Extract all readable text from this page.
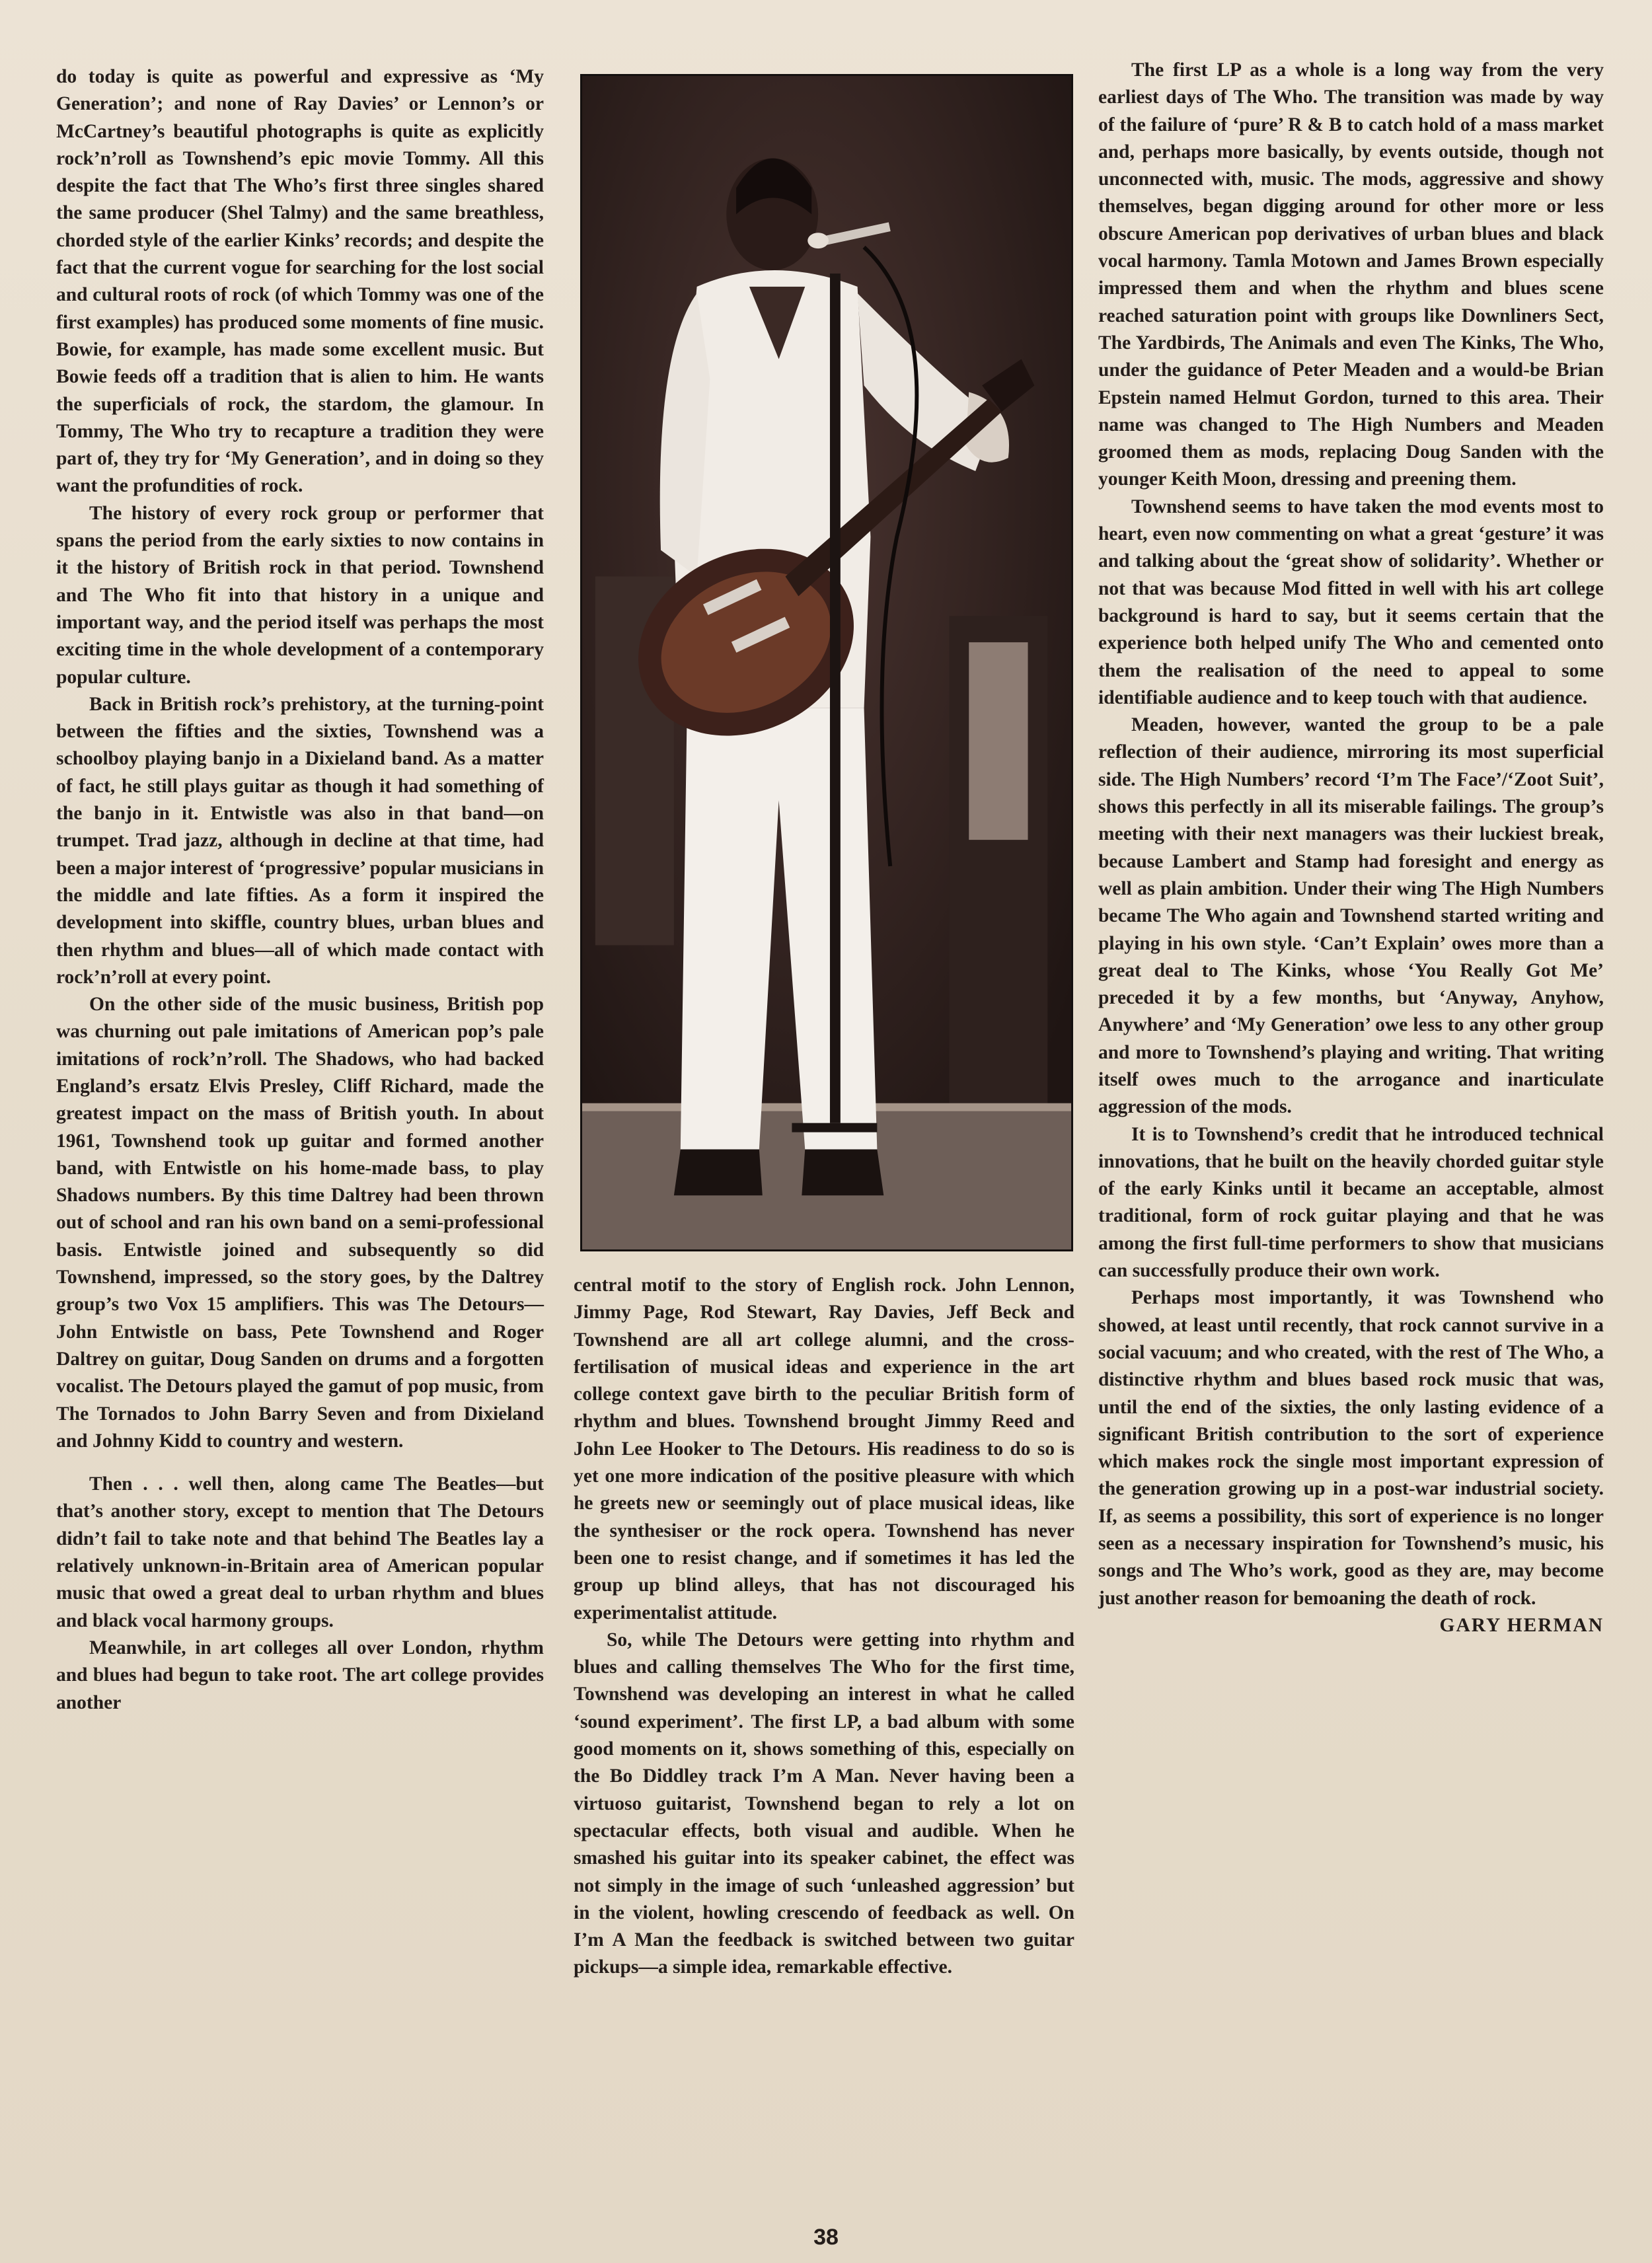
do today is quite as powerful and expressive as ‘My Generation’; and none of Ray Davies’ or Lennon’s or McCartney’s beautiful photographs is quite as explicitly rock’n’roll as Townshend’s epic movie Tommy. All this despite the fact that The Who’s first three singles shared the same producer (Shel Talmy) and the same breathless, chorded style of the earlier Kinks’ records; and despite the fact that the current vogue for searching for the lost social and cultural roots of rock (of which Tommy was one of the first examples) has produced some moments of fine music. Bowie, for example, has made some excellent music. But Bowie feeds off a tradition that is alien to him. He wants the superficials of rock, the stardom, the glamour. In Tommy, The Who try to recapture a tradition they were part of, they try for ‘My Generation’, and in doing so they want the profundities of rock.

The history of every rock group or performer that spans the period from the early sixties to now contains in it the history of British rock in that period. Townshend and The Who fit into that history in a unique and important way, and the period itself was perhaps the most exciting time in the whole development of a contemporary popular culture.

Back in British rock’s prehistory, at the turning-point between the fifties and the sixties, Townshend was a schoolboy playing banjo in a Dixieland band. As a matter of fact, he still plays guitar as though it had something of the banjo in it. Entwistle was also in that band—on trumpet. Trad jazz, although in decline at that time, had been a major interest of ‘progressive’ popular musicians in the middle and late fifties. As a form it inspired the development into skiffle, country blues, urban blues and then rhythm and blues—all of which made contact with rock’n’roll at every point.

On the other side of the music business, British pop was churning out pale imitations of American pop’s pale imitations of rock’n’roll. The Shadows, who had backed England’s ersatz Elvis Presley, Cliff Richard, made the greatest impact on the mass of British youth. In about 1961, Townshend took up guitar and formed another band, with Entwistle on his home-made bass, to play Shadows numbers. By this time Daltrey had been thrown out of school and ran his own band on a semi-professional basis. Entwistle joined and subsequently so did Townshend, impressed, so the story goes, by the Daltrey group’s two Vox 15 amplifiers. This was The Detours—John Entwistle on bass, Pete Townshend and Roger Daltrey on guitar, Doug Sanden on drums and a forgotten vocalist. The Detours played the gamut of pop music, from The Tornados to John Barry Seven and from Dixieland and Johnny Kidd to country and western.

Then . . . well then, along came The Beatles—but that’s another story, except to mention that The Detours didn’t fail to take note and that behind The Beatles lay a relatively unknown-in-Britain area of American popular music that owed a great deal to urban rhythm and blues and black vocal harmony groups.

Meanwhile, in art colleges all over London, rhythm and blues had begun to take root. The art college provides another

central motif to the story of English rock. John Lennon, Jimmy Page, Rod Stewart, Ray Davies, Jeff Beck and Townshend are all art college alumni, and the cross-fertilisation of musical ideas and experience in the art college context gave birth to the peculiar British form of rhythm and blues. Townshend brought Jimmy Reed and John Lee Hooker to The Detours. His readiness to do so is yet one more indication of the positive pleasure with which he greets new or seemingly out of place musical ideas, like the synthesiser or the rock opera. Townshend has never been one to resist change, and if sometimes it has led the group up blind alleys, that has not discouraged his experimentalist attitude.

So, while The Detours were getting into rhythm and blues and calling themselves The Who for the first time, Townshend was developing an interest in what he called ‘sound experiment’. The first LP, a bad album with some good moments on it, shows something of this, especially on the Bo Diddley track I’m A Man. Never having been a virtuoso guitarist, Townshend began to rely a lot on spectacular effects, both visual and audible. When he smashed his guitar into its speaker cabinet, the effect was not simply in the image of such ‘unleashed aggression’ but in the violent, howling crescendo of feedback as well. On I’m A Man the feedback is switched between two guitar pickups—a simple idea, remarkable effective.

The first LP as a whole is a long way from the very earliest days of The Who. The transition was made by way of the failure of ‘pure’ R & B to catch hold of a mass market and, perhaps more basically, by events outside, though not unconnected with, music. The mods, aggressive and showy themselves, began digging around for other more or less obscure American pop derivatives of urban blues and black vocal harmony. Tamla Motown and James Brown especially impressed them and when the rhythm and blues scene reached saturation point with groups like Downliners Sect, The Yardbirds, The Animals and even The Kinks, The Who, under the guidance of Peter Meaden and a would-be Brian Epstein named Helmut Gordon, turned to this area. Their name was changed to The High Numbers and Meaden groomed them as mods, replacing Doug Sanden with the younger Keith Moon, dressing and preening them.

Townshend seems to have taken the mod events most to heart, even now commenting on what a great ‘gesture’ it was and talking about the ‘great show of solidarity’. Whether or not that was because Mod fitted in well with his art college background is hard to say, but it seems certain that the experience both helped unify The Who and cemented onto them the realisation of the need to appeal to some identifiable audience and to keep touch with that audience.

Meaden, however, wanted the group to be a pale reflection of their audience, mirroring its most superficial side. The High Numbers’ record ‘I’m The Face’/‘Zoot Suit’, shows this perfectly in all its miserable failings. The group’s meeting with their next managers was their luckiest break, because Lambert and Stamp had foresight and energy as well as plain ambition. Under their wing The High Numbers became The Who again and Townshend started writing and playing in his own style. ‘Can’t Explain’ owes more than a great deal to The Kinks, whose ‘You Really Got Me’ preceded it by a few months, but ‘Anyway, Anyhow, Anywhere’ and ‘My Generation’ owe less to any other group and more to Townshend’s playing and writing. That writing itself owes much to the arrogance and inarticulate aggression of the mods.

It is to Townshend’s credit that he introduced technical innovations, that he built on the heavily chorded guitar style of the early Kinks until it became an acceptable, almost traditional, form of rock guitar playing and that he was among the first full-time performers to show that musicians can successfully produce their own work.

Perhaps most importantly, it was Townshend who showed, at least until recently, that rock cannot survive in a social vacuum; and who created, with the rest of The Who, a distinctive rhythm and blues based rock music that was, until the end of the sixties, the only lasting evidence of a significant British contribution to the sort of experience which makes rock the single most important expression of the generation growing up in a post-war industrial society. If, as seems a possibility, this sort of experience is no longer seen as a necessary inspiration for Townshend’s music, his songs and The Who’s work, good as they are, may become just another reason for bemoaning the death of rock.
GARY HERMAN

38
